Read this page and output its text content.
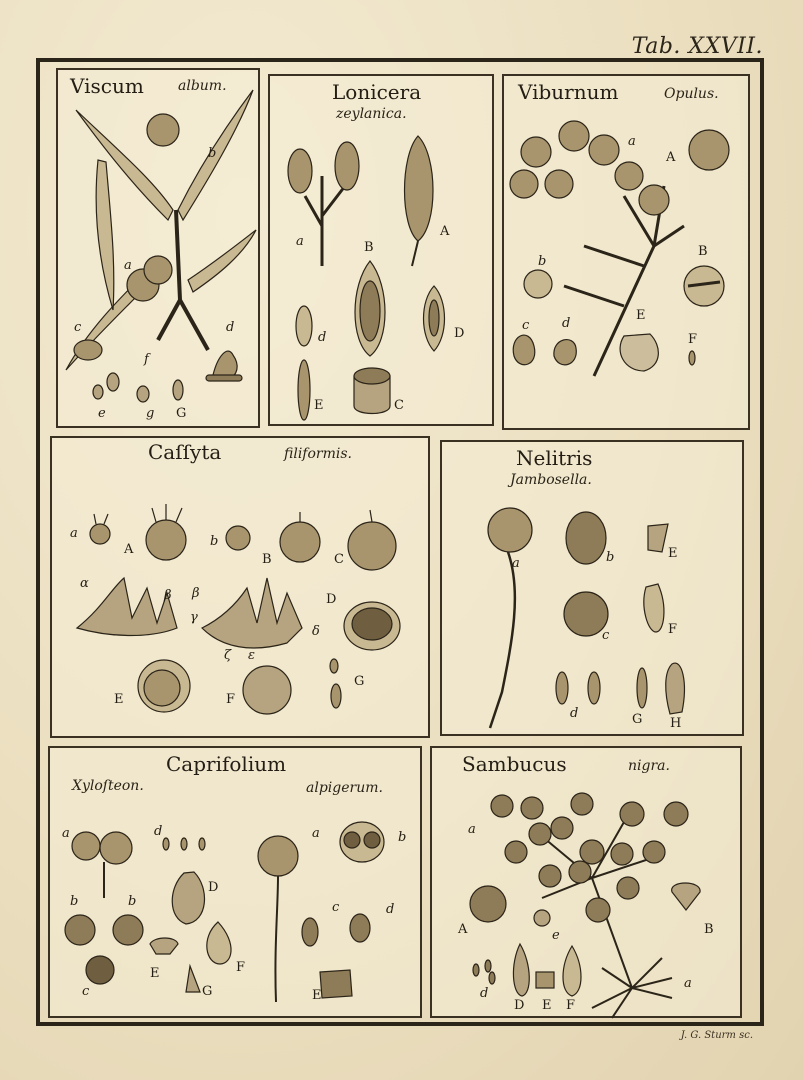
Tab. XXVII.
Viscum album.
a
b
c	d
f
e	g G
Lonicera
zeylanica.
a
A
B
d	D
E	C
Viburnum	Opulus.
a
A
b
B
c	d
E
F
Caſſyta	filiformis.
a
A
b
B	C
α
β β
γ
δ
ε
ζ
D
E	F
G
Nelitris
Jambosella.
a	b	E
c	F
d	G H
Caprifolium
Xyloſteon.	alpigerum.
a	d
D
b	b
E	F
c	G
a	b
c	d
E
Sambucus	nigra.
a
A	e	B
d
D E F
a
J. G. Sturm sc.
